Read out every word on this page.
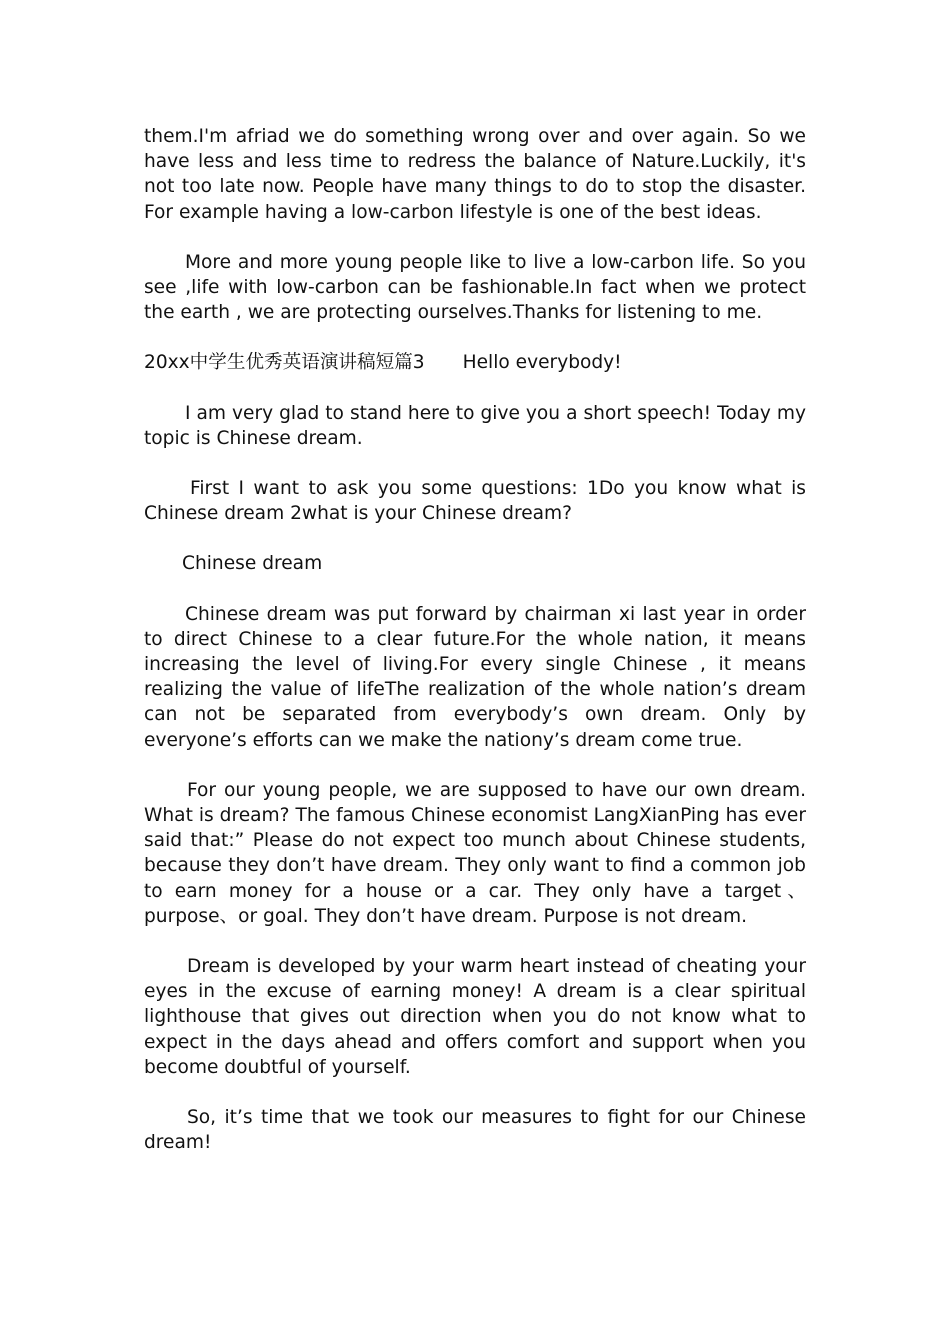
them.I'm afriad we do something wrong over and over again. So we have less and less time to redress the balance of Nature.Luckily, it's not too late now. People have many things to do to stop the disaster. For example having a low-carbon lifestyle is one of the best ideas.

More and more young people like to live a low-carbon life. So you see ,life with low-carbon can be fashionable.In fact when we protect the earth , we are protecting ourselves.Thanks for listening to me.

20xx中学生优秀英语演讲稿短篇3 Hello everybody!

I am very glad to stand here to give you a short speech! Today my topic is Chinese dream.

First I want to ask you some questions: 1Do you know what is Chinese dream 2what is your Chinese dream?

Chinese dream

Chinese dream was put forward by chairman xi last year in order to direct Chinese to a clear future.For the whole nation, it means increasing the level of living.For every single Chinese , it means realizing the value of lifeThe realization of the whole nation’s dream can not be separated from everybody’s own dream. Only by everyone’s efforts can we make the nationy’s dream come true.

For our young people, we are supposed to have our own dream. What is dream? The famous Chinese economist LangXianPing has ever said that:” Please do not expect too munch about Chinese students, because they don’t have dream. They only want to find a common job to earn money for a house or a car. They only have a target、purpose、or goal. They don’t have dream. Purpose is not dream.

Dream is developed by your warm heart instead of cheating your eyes in the excuse of earning money! A dream is a clear spiritual lighthouse that gives out direction when you do not know what to expect in the days ahead and offers comfort and support when you become doubtful of yourself.

So, it’s time that we took our measures to fight for our Chinese dream!
